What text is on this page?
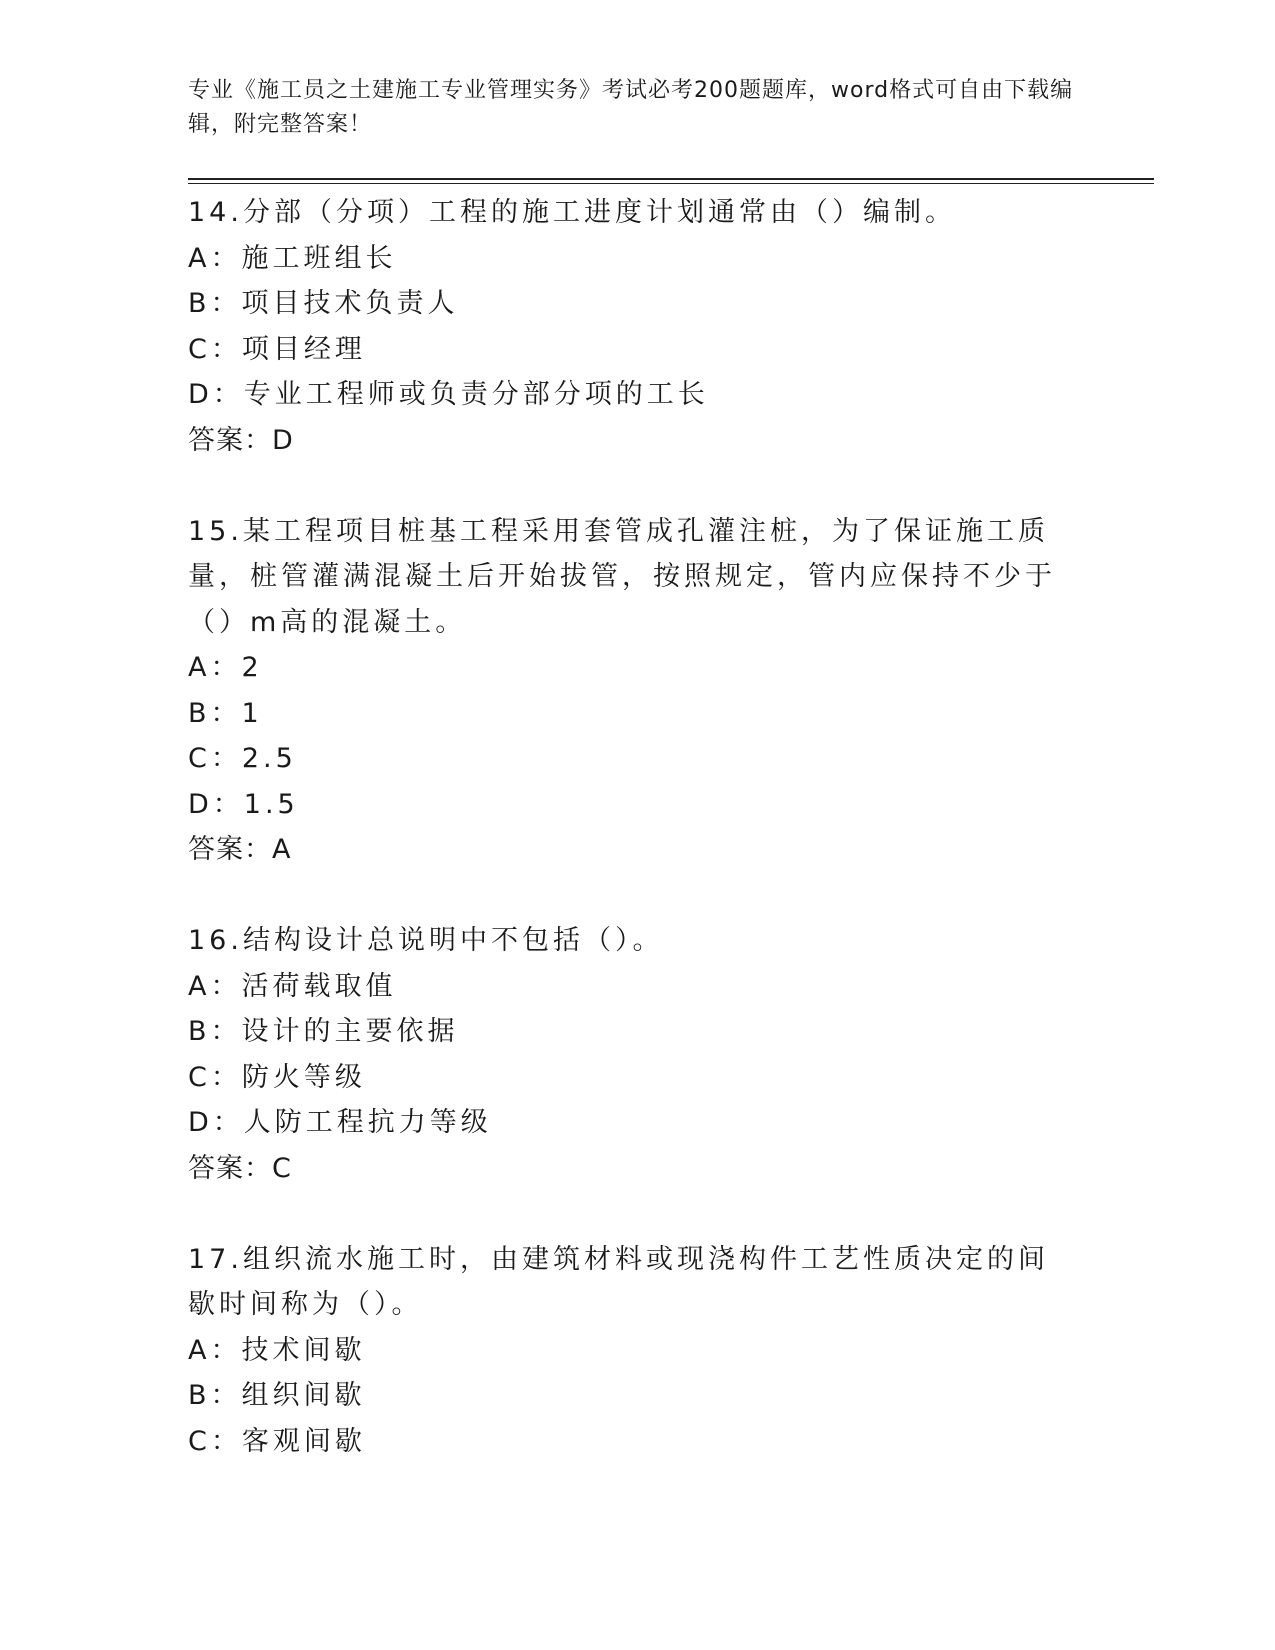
专业《施工员之土建施工专业管理实务》考试必考200题题库，word格式可自由下载编辑，附完整答案！
14.分部（分项）工程的施工进度计划通常由（）编制。
A：施工班组长
B：项目技术负责人
C：项目经理
D：专业工程师或负责分部分项的工长
答案：D
15.某工程项目桩基工程采用套管成孔灌注桩，为了保证施工质量，桩管灌满混凝土后开始拔管，按照规定，管内应保持不少于（）m高的混凝土。
A：2
B：1
C：2.5
D：1.5
答案：A
16.结构设计总说明中不包括（）。
A：活荷载取值
B：设计的主要依据
C：防火等级
D：人防工程抗力等级
答案：C
17.组织流水施工时，由建筑材料或现浇构件工艺性质决定的间歇时间称为（）。
A：技术间歇
B：组织间歇
C：客观间歇
